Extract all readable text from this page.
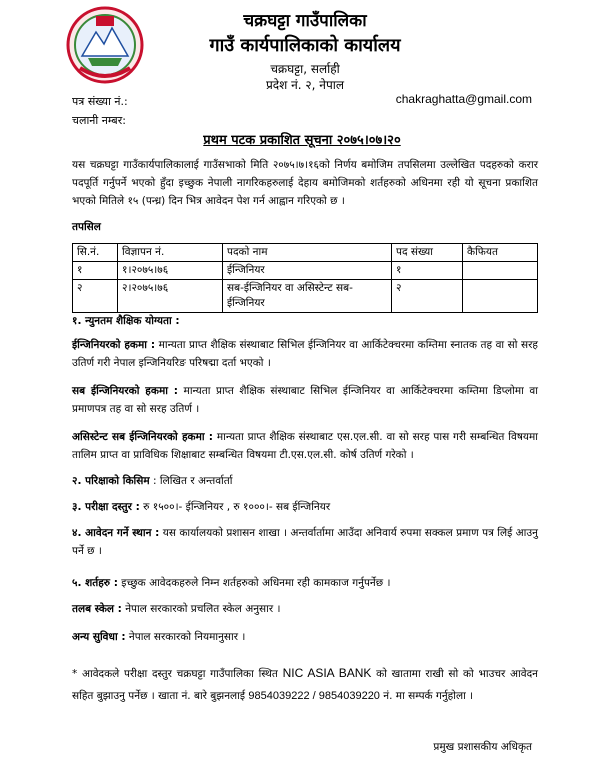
चक्रघट्टा गाउँपालिका
गाउँ कार्यपालिकाको कार्यालय
चक्रघट्टा, सर्लाही
प्रदेश नं. २, नेपाल
पत्र संख्या नं.:	chakraghatta@gmail.com
चलानी नम्बर:
प्रथम पटक प्रकाशित सूचना २०७५।०७।२०
यस चक्रघट्टा गाउँकार्यपालिकालाई गाउँसभाको मिति २०७५।७।१६को निर्णय बमोजिम तपसिलमा उल्लेखित पदहरुको करार पदपूर्ति गर्नुपर्ने भएको हुँदा इच्छुक नेपाली नागरिकहरुलाई देहाय बमोजिमको शर्तहरुको अधिनमा रही यो सूचना प्रकाशित भएको मितिले १५ (पन्ध्र) दिन भित्र आवेदन पेश गर्न आह्वान गरिएको छ ।
तपसिल
सि.नं.	विज्ञापन नं.	पदको नाम	पद संख्या	कैफियत
१	१।२०७५।७६	ईन्जिनियर	१	
२	२।२०७५।७६	सब-ईन्जिनियर वा असिस्टेन्ट सब-ईन्जिनियर	२	
१. न्युनतम शैक्षिक योग्यता :
ईन्जिनियरको हकमा : मान्यता प्राप्त शैक्षिक संस्थाबाट सिभिल ईन्जिनियर वा आर्किटेक्चरमा कम्तिमा स्नातक तह वा सो सरह उतिर्ण गरी नेपाल इन्जिनियरिङ परिषद्मा दर्ता भएको ।
सब ईन्जिनियरको हकमा : मान्यता प्राप्त शैक्षिक संस्थाबाट सिभिल ईन्जिनियर वा आर्किटेक्चरमा कम्तिमा डिप्लोमा वा प्रमाणपत्र तह वा सो सरह उतिर्ण ।
असिस्टेन्ट सब ईन्जिनियरको हकमा : मान्यता प्राप्त शैक्षिक संस्थाबाट एस.एल.सी. वा सो सरह पास गरी सम्बन्धित विषयमा तालिम प्राप्त वा प्राविधिक शिक्षाबाट सम्बन्धित विषयमा टी.एस.एल.सी. कोर्ष उतिर्ण गरेको ।
२. परिक्षाको किसिम : लिखित र अन्तर्वार्ता
३. परीक्षा दस्तुर : रु १५००।- ईन्जिनियर , रु १०००।- सब ईन्जिनियर
४. आवेदन गर्ने स्थान : यस कार्यालयको प्रशासन शाखा । अन्तर्वार्तामा आउँदा अनिवार्य रुपमा सक्कल प्रमाण पत्र लिई आउनु पर्ने छ ।
५. शर्तहरु : इच्छुक आवेदकहरुले निम्न शर्तहरुको अधिनमा रही कामकाज गर्नुपर्नेछ ।
तलब स्केल : नेपाल सरकारको प्रचलित स्केल अनुसार ।
अन्य सुविधा : नेपाल सरकारको नियमानुसार ।
* आवेदकले परीक्षा दस्तुर चक्रघट्टा गाउँपालिका स्थित NIC ASIA BANK को खातामा राखी सो को भाउचर आवेदन सहित बुझाउनु पर्नेछ । खाता नं. बारे बुझनलाई 9854039222 / 9854039220 नं. मा सम्पर्क गर्नुहोला ।
प्रमुख प्रशासकीय अधिकृत
